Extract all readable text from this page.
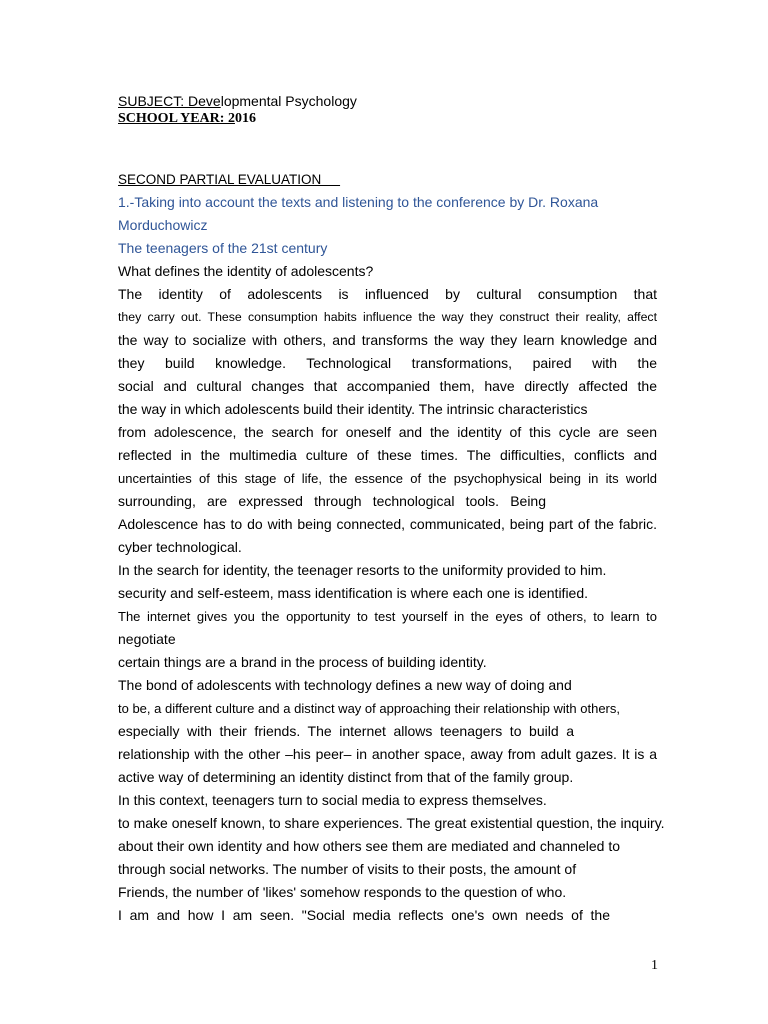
SUBJECT: Developmental Psychology
SCHOOL YEAR: 2016
SECOND PARTIAL EVALUATION
1.-Taking into account the texts and listening to the conference by Dr. Roxana
Morduchowicz
The teenagers of the 21st century
What defines the identity of adolescents?
The identity of adolescents is influenced by cultural consumption that
they carry out. These consumption habits influence the way they construct their reality, affect
the way to socialize with others, and transforms the way they learn knowledge and
they build knowledge. Technological transformations, paired with the
social and cultural changes that accompanied them, have directly affected the
the way in which adolescents build their identity. The intrinsic characteristics
from adolescence, the search for oneself and the identity of this cycle are seen
reflected in the multimedia culture of these times. The difficulties, conflicts and
uncertainties of this stage of life, the essence of the psychophysical being in its world
surrounding, are expressed through technological tools. Being
Adolescence has to do with being connected, communicated, being part of the fabric.
cyber technological.
In the search for identity, the teenager resorts to the uniformity provided to him.
security and self-esteem, mass identification is where each one is identified.
The internet gives you the opportunity to test yourself in the eyes of others, to learn to
negotiate
certain things are a brand in the process of building identity.
The bond of adolescents with technology defines a new way of doing and
to be, a different culture and a distinct way of approaching their relationship with others,
especially with their friends. The internet allows teenagers to build a
relationship with the other –his peer– in another space, away from adult gazes. It is a
active way of determining an identity distinct from that of the family group.
In this context, teenagers turn to social media to express themselves.
to make oneself known, to share experiences. The great existential question, the inquiry.
about their own identity and how others see them are mediated and channeled to
through social networks. The number of visits to their posts, the amount of
Friends, the number of 'likes' somehow responds to the question of who.
I am and how I am seen. "Social media reflects one's own needs of the
1
